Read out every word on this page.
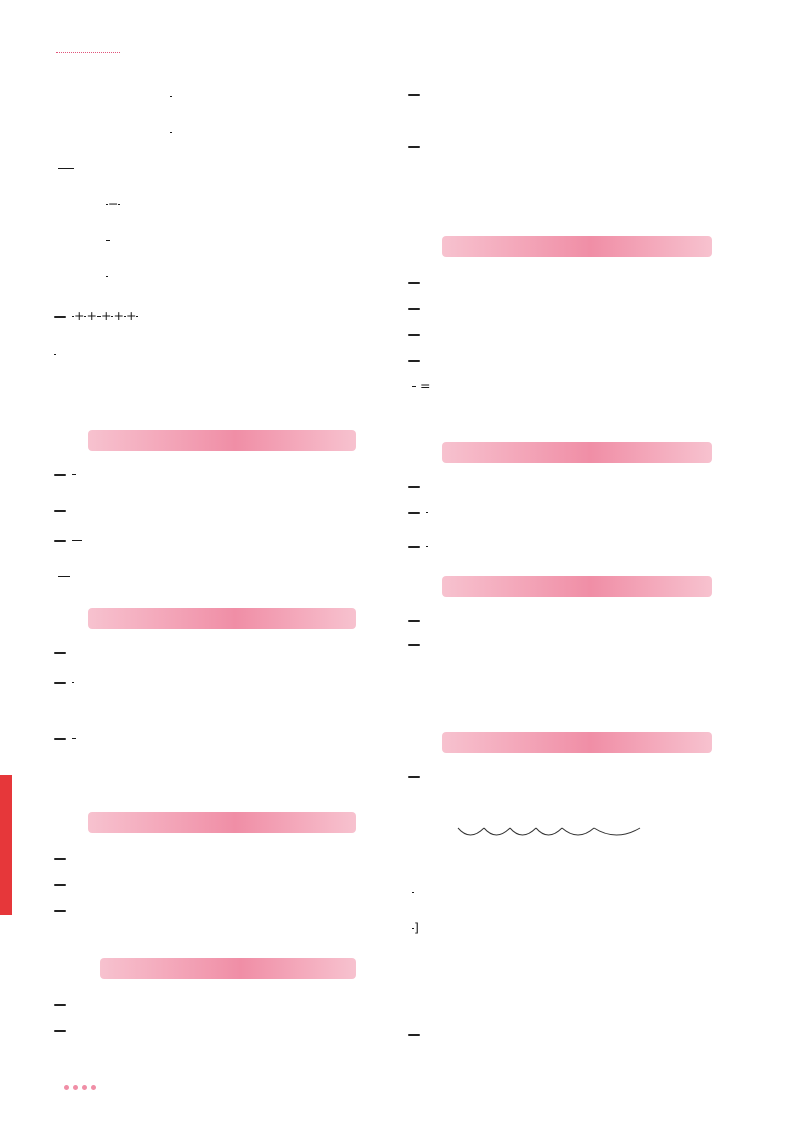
−
+ + + + +
=
]
